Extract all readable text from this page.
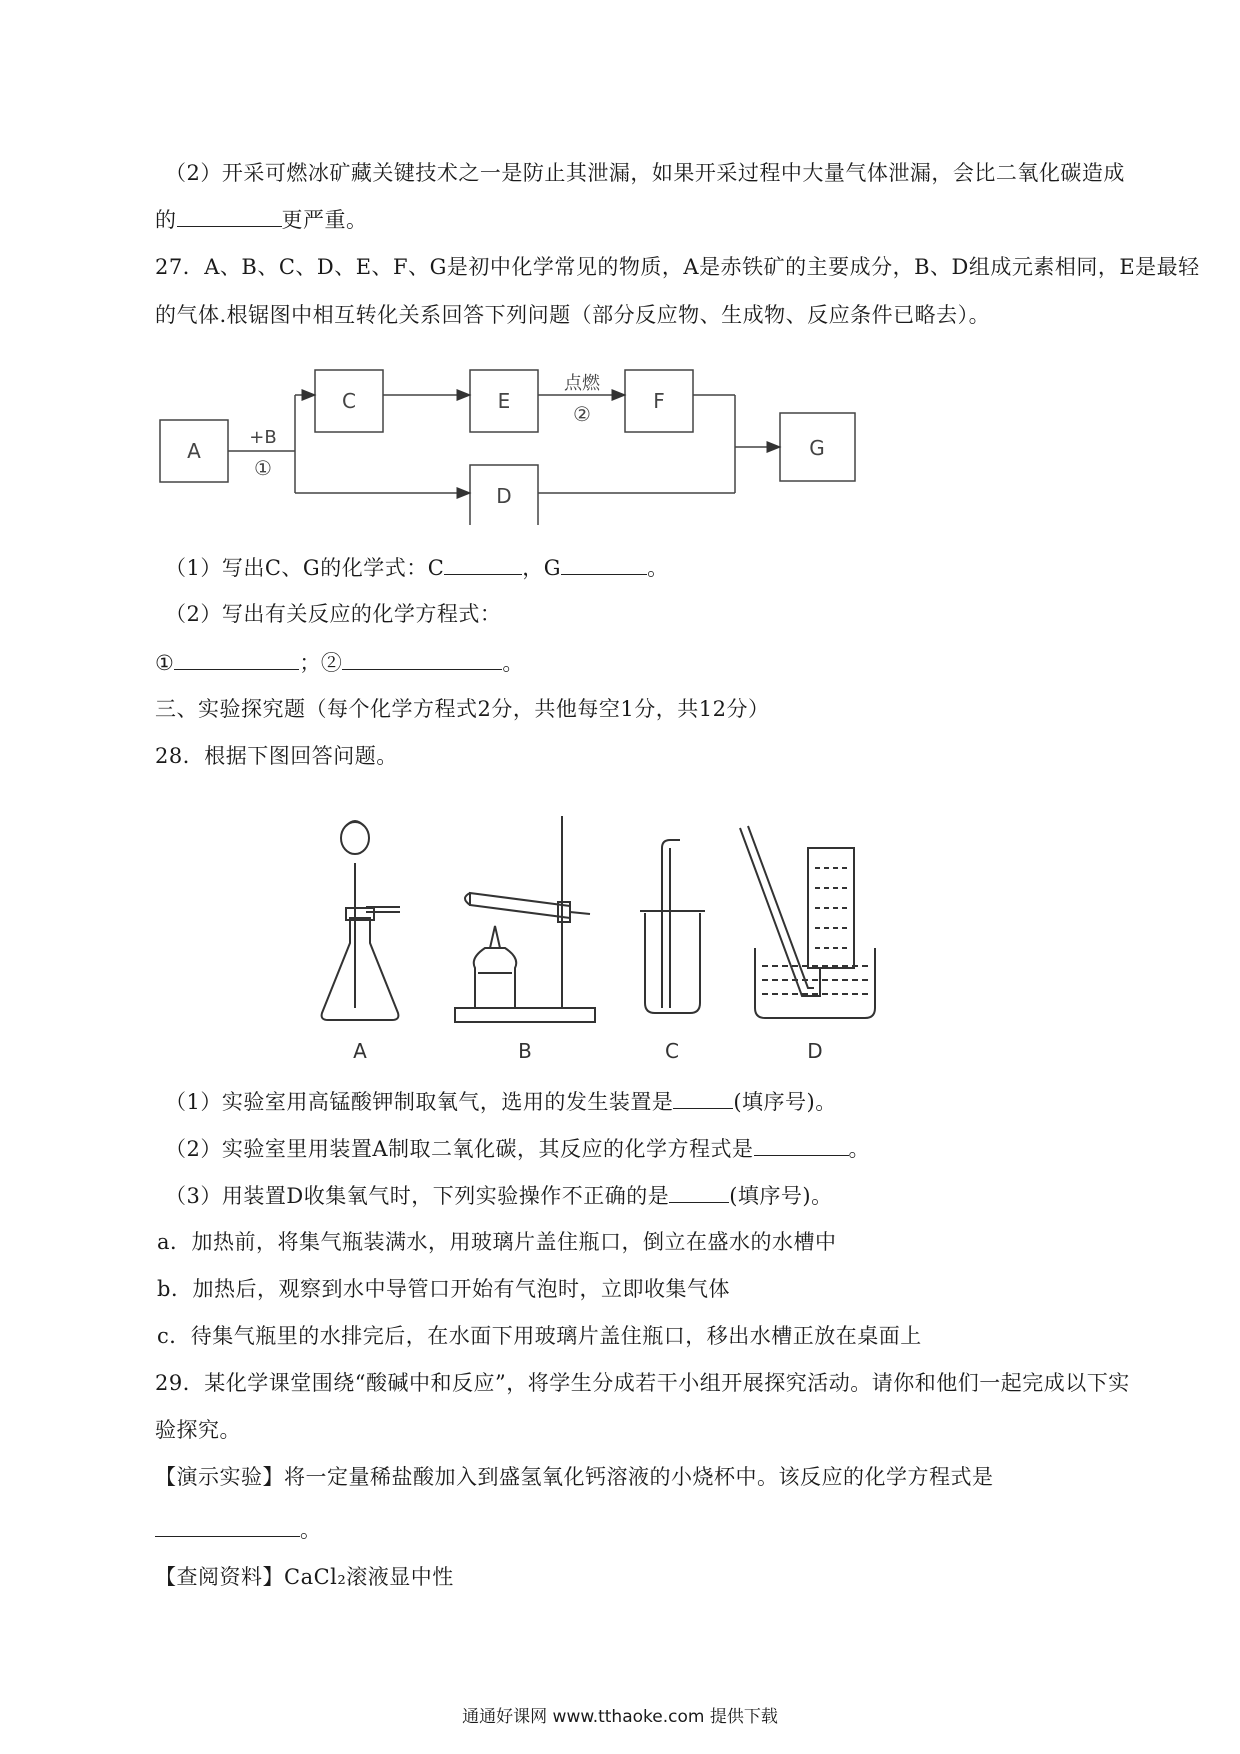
（2）开采可燃冰矿藏关键技术之一是防止其泄漏，如果开采过程中大量气体泄漏，会比二氧化碳造成
的	更严重。
27．A、B、C、D、E、F、G是初中化学常见的物质，A是赤铁矿的主要成分，B、D组成元素相同，E是最轻
的气体.根锯图中相互转化关系回答下列问题（部分反应物、生成物、反应条件已略去）。
A
C	E	F
D
G
+B
①
点燃
②
（1）写出C、G的化学式：C	，G	。
（2）写出有关反应的化学方程式：
①	；②	。
三、实验探究题（每个化学方程式2分，共他每空1分，共12分）
28．根据下图回答问题。
A	B	C	D
（1）实验室用高锰酸钾制取氧气，选用的发生装置是	(填序号)。
（2）实验室里用装置A制取二氧化碳，其反应的化学方程式是	。
（3）用装置D收集氧气时，下列实验操作不正确的是	(填序号)。
a．加热前，将集气瓶装满水，用玻璃片盖住瓶口，倒立在盛水的水槽中
b．加热后，观察到水中导管口开始有气泡时，立即收集气体
c．待集气瓶里的水排完后，在水面下用玻璃片盖住瓶口，移出水槽正放在桌面上
29．某化学课堂围绕“酸碱中和反应”，将学生分成若干小组开展探究活动。请你和他们一起完成以下实
验探究。
【演示实验】将一定量稀盐酸加入到盛氢氧化钙溶液的小烧杯中。该反应的化学方程式是
。
【查阅资料】CaCl₂滚液显中性
通通好课网 www.tthaoke.com 提供下载
